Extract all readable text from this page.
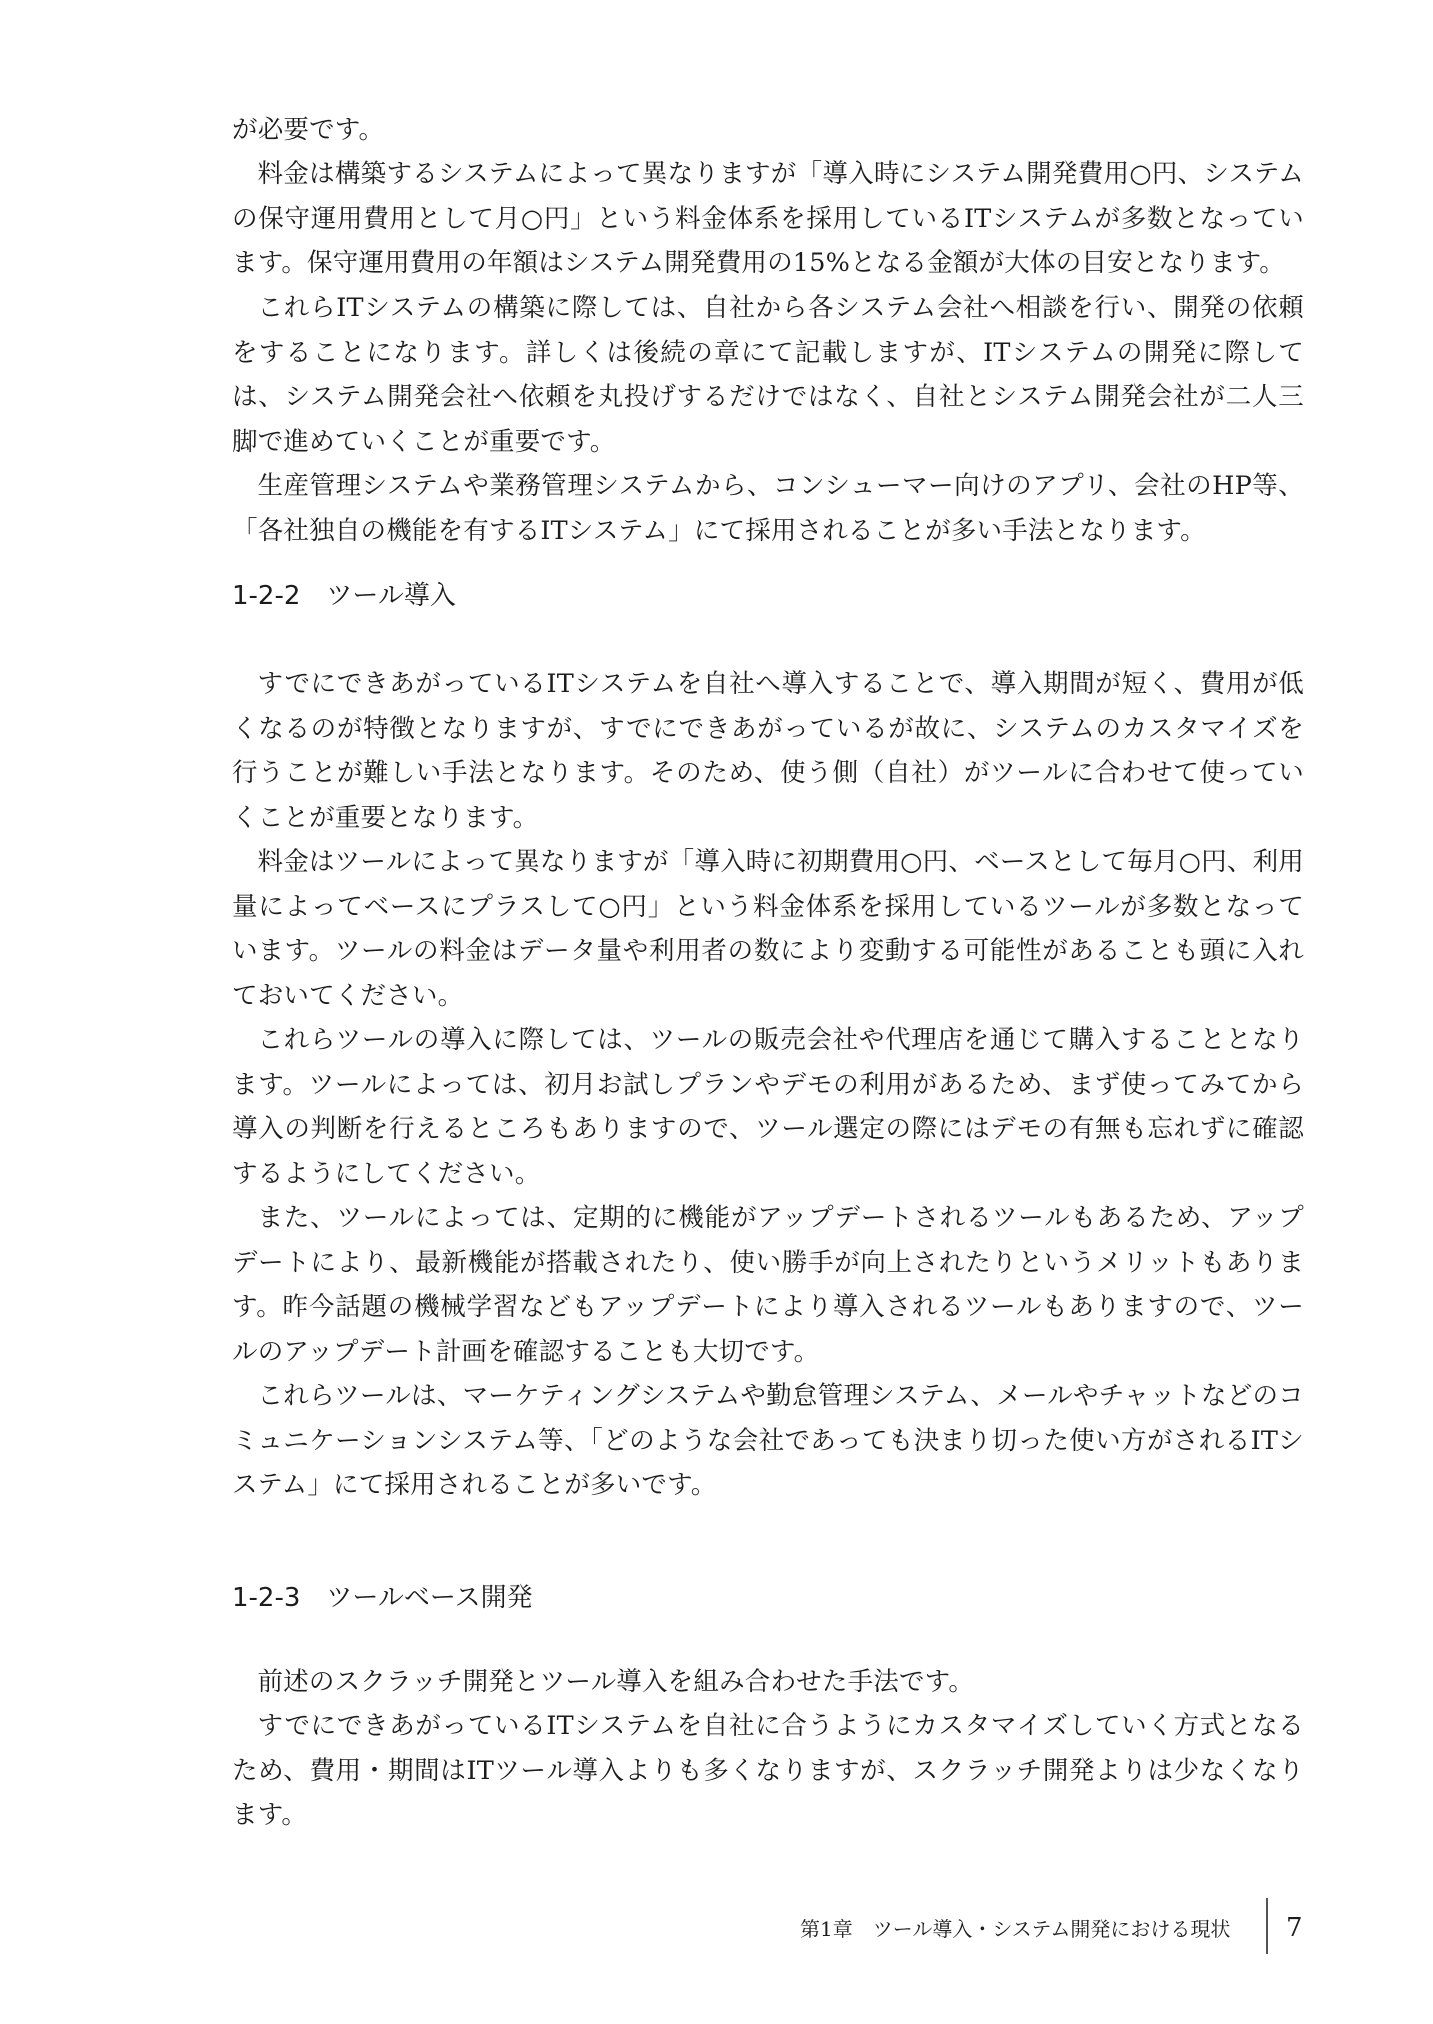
が必要です。

料金は構築するシステムによって異なりますが「導入時にシステム開発費用○円、システムの保守運用費用として月○円」という料金体系を採用しているITシステムが多数となっています。保守運用費用の年額はシステム開発費用の15%となる金額が大体の目安となります。

これらITシステムの構築に際しては、自社から各システム会社へ相談を行い、開発の依頼をすることになります。詳しくは後続の章にて記載しますが、ITシステムの開発に際しては、システム開発会社へ依頼を丸投げするだけではなく、自社とシステム開発会社が二人三脚で進めていくことが重要です。

生産管理システムや業務管理システムから、コンシューマー向けのアプリ、会社のHP等、「各社独自の機能を有するITシステム」にて採用されることが多い手法となります。

1-2-2　ツール導入

すでにできあがっているITシステムを自社へ導入することで、導入期間が短く、費用が低くなるのが特徴となりますが、すでにできあがっているが故に、システムのカスタマイズを行うことが難しい手法となります。そのため、使う側（自社）がツールに合わせて使っていくことが重要となります。

料金はツールによって異なりますが「導入時に初期費用○円、ベースとして毎月○円、利用量によってベースにプラスして○円」という料金体系を採用しているツールが多数となっています。ツールの料金はデータ量や利用者の数により変動する可能性があることも頭に入れておいてください。

これらツールの導入に際しては、ツールの販売会社や代理店を通じて購入することとなります。ツールによっては、初月お試しプランやデモの利用があるため、まず使ってみてから導入の判断を行えるところもありますので、ツール選定の際にはデモの有無も忘れずに確認するようにしてください。

また、ツールによっては、定期的に機能がアップデートされるツールもあるため、アップデートにより、最新機能が搭載されたり、使い勝手が向上されたりというメリットもあります。昨今話題の機械学習などもアップデートにより導入されるツールもありますので、ツールのアップデート計画を確認することも大切です。

これらツールは、マーケティングシステムや勤怠管理システム、メールやチャットなどのコミュニケーションシステム等、「どのような会社であっても決まり切った使い方がされるITシステム」にて採用されることが多いです。

1-2-3　ツールベース開発

前述のスクラッチ開発とツール導入を組み合わせた手法です。

すでにできあがっているITシステムを自社に合うようにカスタマイズしていく方式となるため、費用・期間はITツール導入よりも多くなりますが、スクラッチ開発よりは少なくなります。

第1章　ツール導入・システム開発における現状 7
